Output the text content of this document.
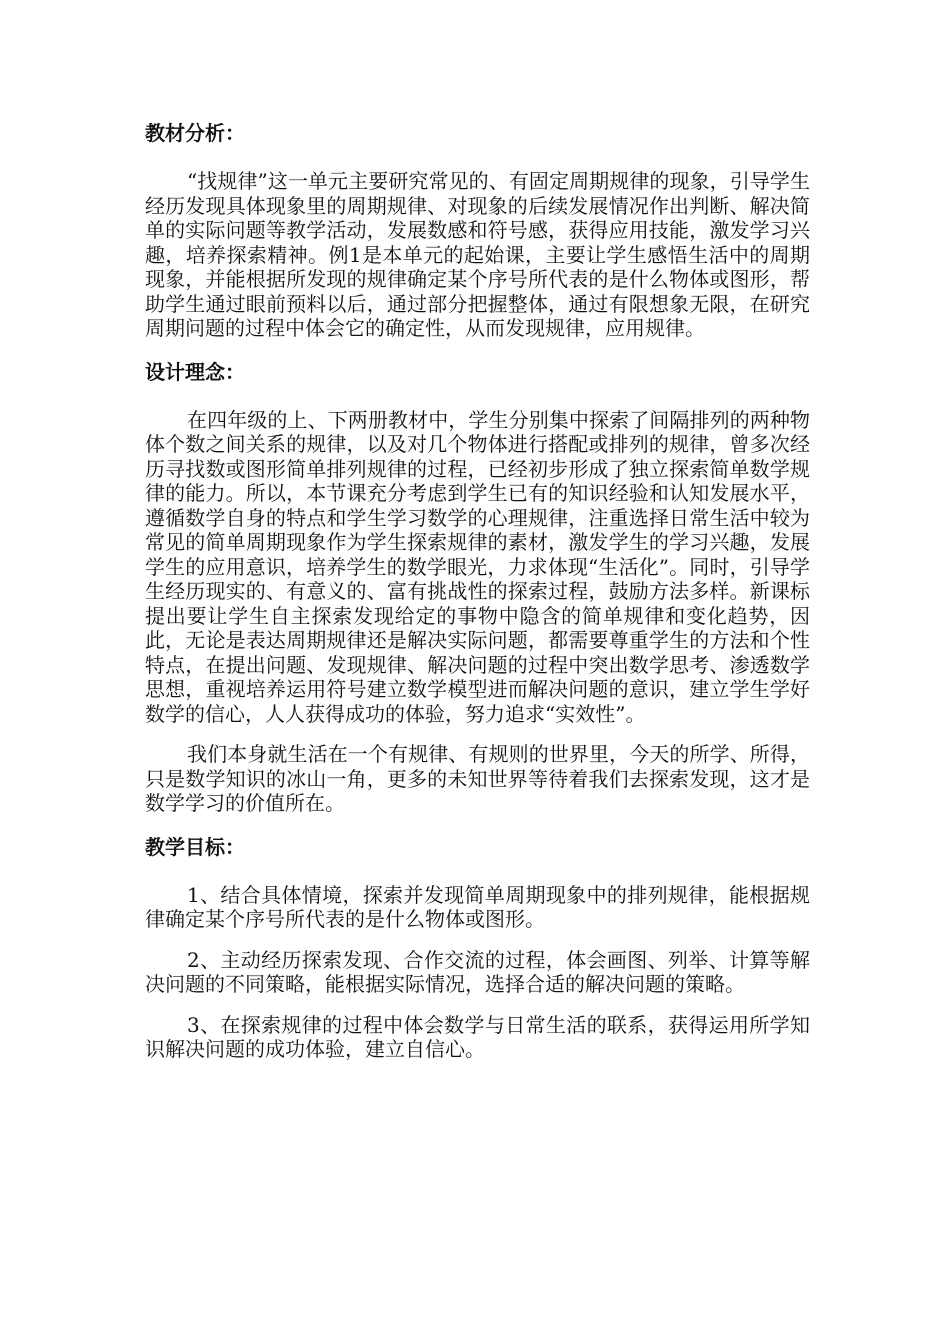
教材分析：

“找规律”这一单元主要研究常见的、有固定周期规律的现象，引导学生经历发现具体现象里的周期规律、对现象的后续发展情况作出判断、解决简单的实际问题等教学活动，发展数感和符号感，获得应用技能，激发学习兴趣，培养探索精神。例1是本单元的起始课，主要让学生感悟生活中的周期现象，并能根据所发现的规律确定某个序号所代表的是什么物体或图形，帮助学生通过眼前预料以后，通过部分把握整体，通过有限想象无限，在研究周期问题的过程中体会它的确定性，从而发现规律，应用规律。

设计理念：

在四年级的上、下两册教材中，学生分别集中探索了间隔排列的两种物体个数之间关系的规律，以及对几个物体进行搭配或排列的规律，曾多次经历寻找数或图形简单排列规律的过程，已经初步形成了独立探索简单数学规律的能力。所以，本节课充分考虑到学生已有的知识经验和认知发展水平，遵循数学自身的特点和学生学习数学的心理规律，注重选择日常生活中较为常见的简单周期现象作为学生探索规律的素材，激发学生的学习兴趣，发展学生的应用意识，培养学生的数学眼光，力求体现“生活化”。同时，引导学生经历现实的、有意义的、富有挑战性的探索过程，鼓励方法多样。新课标提出要让学生自主探索发现给定的事物中隐含的简单规律和变化趋势，因此，无论是表达周期规律还是解决实际问题，都需要尊重学生的方法和个性特点，在提出问题、发现规律、解决问题的过程中突出数学思考、渗透数学思想，重视培养运用符号建立数学模型进而解决问题的意识，建立学生学好数学的信心，人人获得成功的体验，努力追求“实效性”。

我们本身就生活在一个有规律、有规则的世界里，今天的所学、所得，只是数学知识的冰山一角，更多的未知世界等待着我们去探索发现，这才是数学学习的价值所在。

教学目标：

1、结合具体情境，探索并发现简单周期现象中的排列规律，能根据规律确定某个序号所代表的是什么物体或图形。

2、主动经历探索发现、合作交流的过程，体会画图、列举、计算等解决问题的不同策略，能根据实际情况，选择合适的解决问题的策略。

3、在探索规律的过程中体会数学与日常生活的联系，获得运用所学知识解决问题的成功体验，建立自信心。
